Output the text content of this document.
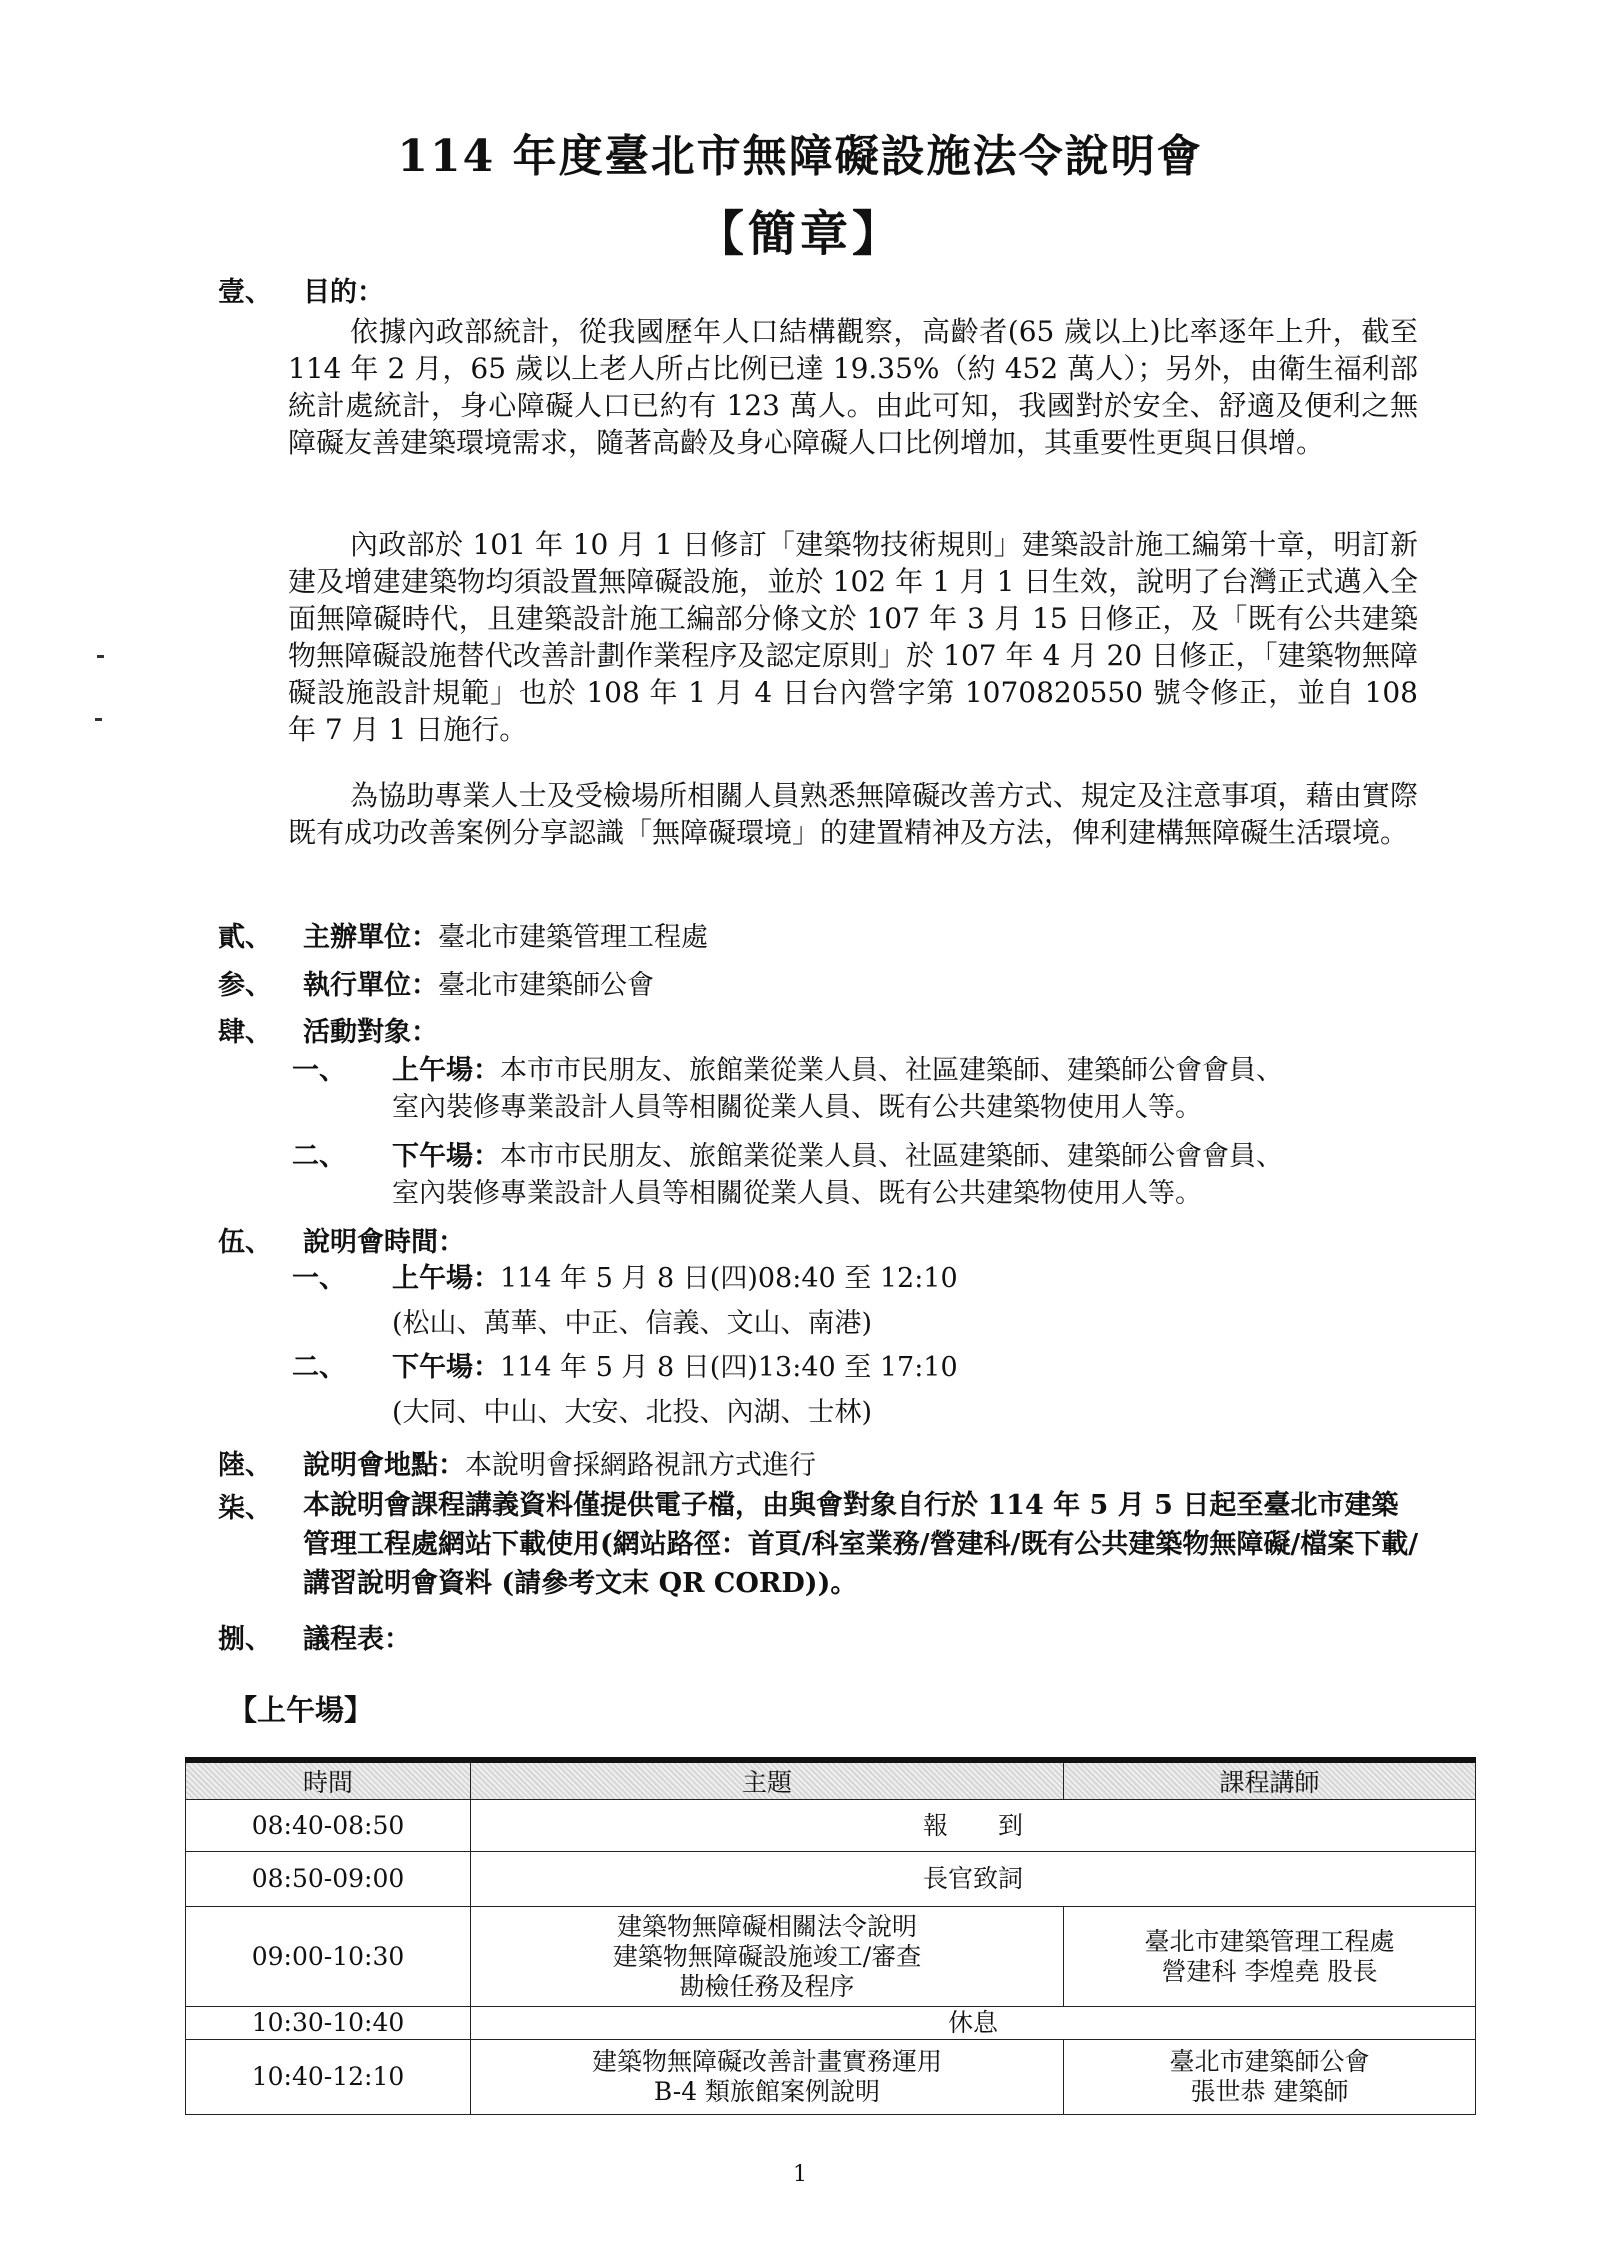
114 年度臺北市無障礙設施法令說明會
【簡章】
壹、 目的：
依據內政部統計，從我國歷年人口結構觀察，高齡者(65 歲以上)比率逐年上升，截至 114 年 2 月，65 歲以上老人所占比例已達 19.35%（約 452 萬人）；另外，由衛生福利部統計處統計，身心障礙人口已約有 123 萬人。由此可知，我國對於安全、舒適及便利之無障礙友善建築環境需求，隨著高齡及身心障礙人口比例增加，其重要性更與日俱增。
內政部於 101 年 10 月 1 日修訂「建築物技術規則」建築設計施工編第十章，明訂新建及增建建築物均須設置無障礙設施，並於 102 年 1 月 1 日生效，說明了台灣正式邁入全面無障礙時代，且建築設計施工編部分條文於 107 年 3 月 15 日修正，及「既有公共建築物無障礙設施替代改善計劃作業程序及認定原則」於 107 年 4 月 20 日修正，「建築物無障礙設施設計規範」也於 108 年 1 月 4 日台內營字第 1070820550 號令修正，並自 108 年 7 月 1 日施行。
為協助專業人士及受檢場所相關人員熟悉無障礙改善方式、規定及注意事項，藉由實際既有成功改善案例分享認識「無障礙環境」的建置精神及方法，俾利建構無障礙生活環境。
貳、 主辦單位：臺北市建築管理工程處
参、 執行單位：臺北市建築師公會
肆、 活動對象：
一、 上午場：本市市民朋友、旅館業從業人員、社區建築師、建築師公會會員、
室內裝修專業設計人員等相關從業人員、既有公共建築物使用人等。
二、 下午場：本市市民朋友、旅館業從業人員、社區建築師、建築師公會會員、
室內裝修專業設計人員等相關從業人員、既有公共建築物使用人等。
伍、 說明會時間：
一、 上午場：114 年 5 月 8 日(四)08:40 至 12:10
(松山、萬華、中正、信義、文山、南港)
二、 下午場：114 年 5 月 8 日(四)13:40 至 17:10
(大同、中山、大安、北投、內湖、士林)
陸、 說明會地點：本說明會採網路視訊方式進行
柒、	本說明會課程講義資料僅提供電子檔，由與會對象自行於 114 年 5 月 5 日起至臺北市建築管理工程處網站下載使用(網站路徑：首頁/科室業務/營建科/既有公共建築物無障礙/檔案下載/講習說明會資料 (請參考文末 QR CORD))。
捌、 議程表：
【上午場】
時間	主題	課程講師
08:40-08:50	報　　到	
08:50-09:00	長官致詞	
09:00-10:30	建築物無障礙相關法令說明
建築物無障礙設施竣工/審查
勘檢任務及程序	臺北市建築管理工程處
營建科 李煌堯 股長
10:30-10:40	休息	
10:40-12:10	建築物無障礙改善計畫實務運用
B-4 類旅館案例說明	臺北市建築師公會
張世恭 建築師
1
